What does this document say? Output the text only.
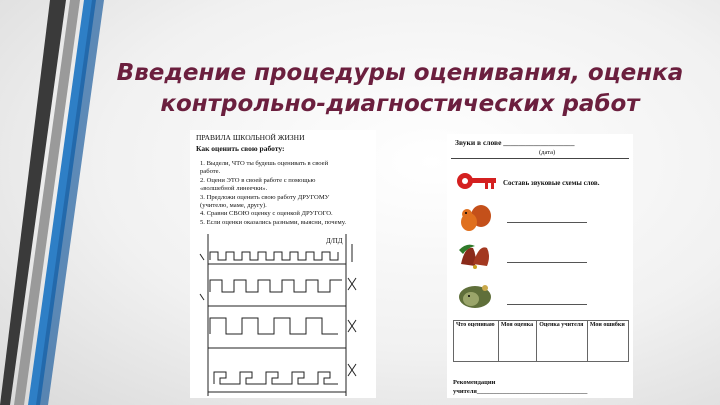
Введение процедуры оценивания, оценка
контрольно-диагностических работ
ПРАВИЛА ШКОЛЬНОЙ ЖИЗНИ
Как оценить свою работу:
1. Выдели, ЧТО ты будешь оценивать в своей
работе.
2. Оцени ЭТО в своей работе с помощью
«волшебной линеечки».
3. Предложи оценить свою работу ДРУГОМУ
(учителю, маме, другу).
4. Сравни СВОЮ оценку с оценкой ДРУГОГО.
5. Если оценки оказались разными, выясни, почему.
Д/ПД
Звуки в слове ___________________
(дата)
Составь звуковые схемы слов.
Что оцениваю	Моя оценка	Оценка учителя	Мои ошибки
Рекомендации
учителя__________________________________
